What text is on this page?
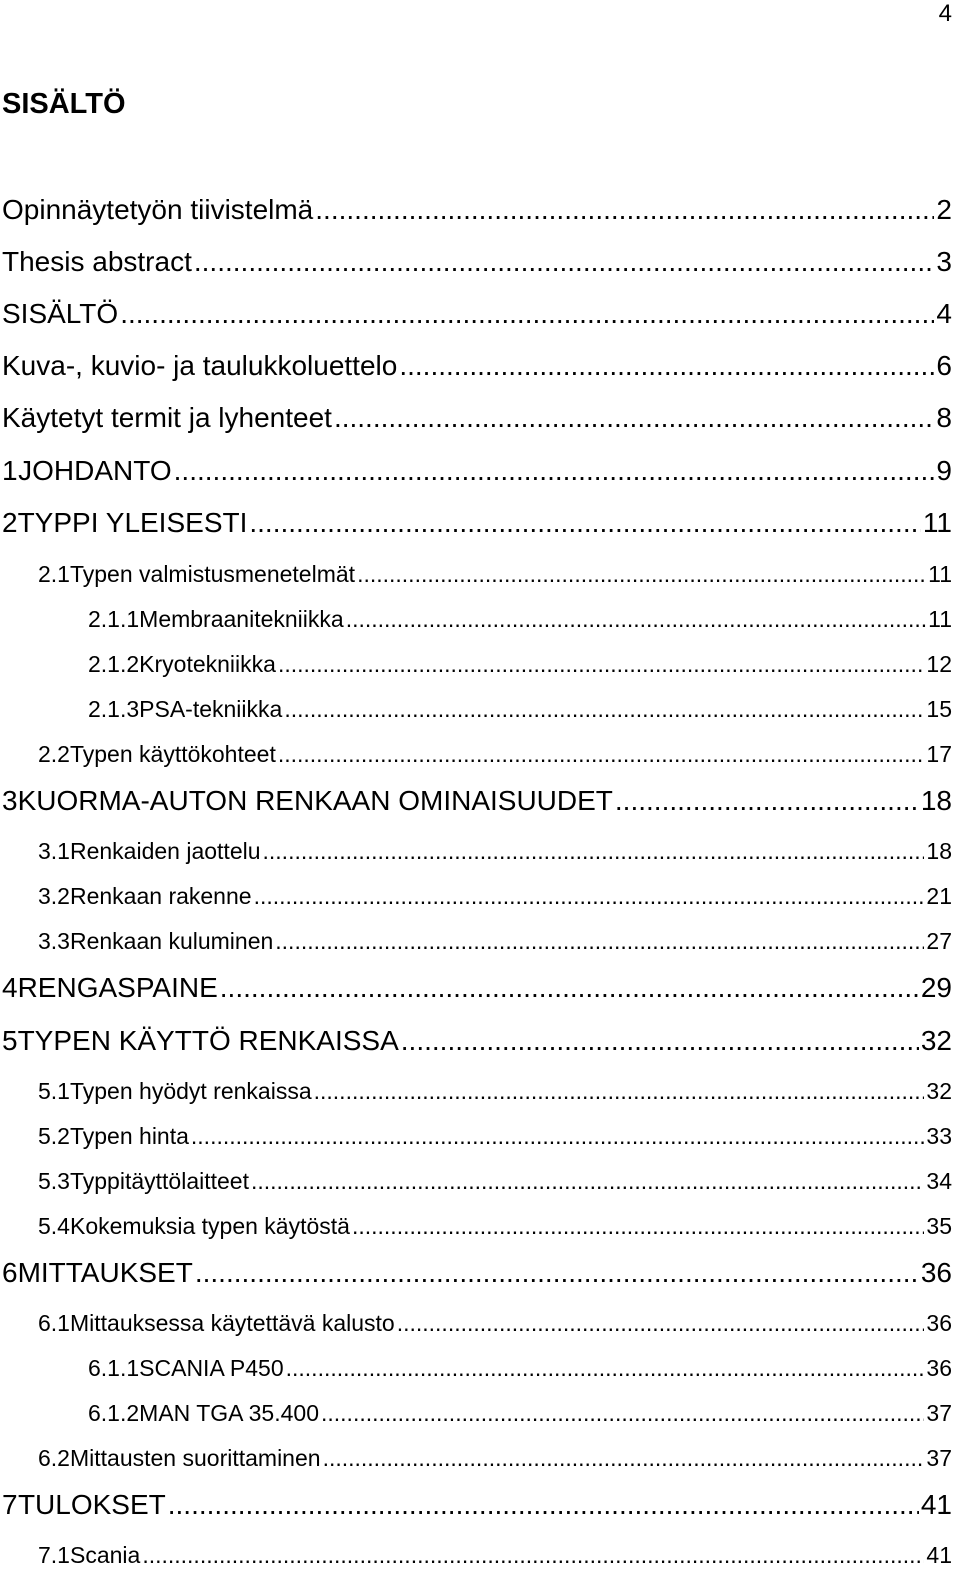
4
SISÄLTÖ
Opinnäytetyön tiivistelmä .....	2
Thesis abstract .....	3
SISÄLTÖ .....	4
Kuva-, kuvio- ja taulukkoluettelo .....	6
Käytetyt termit ja lyhenteet .....	8
1 JOHDANTO .....	9
2 TYPPI YLEISESTI .....	11
2.1 Typen valmistusmenetelmät .....	11
2.1.1 Membraanitekniikka .....	11
2.1.2 Kryotekniikka .....	12
2.1.3 PSA-tekniikka .....	15
2.2 Typen käyttökohteet .....	17
3 KUORMA-AUTON RENKAAN OMINAISUUDET .....	18
3.1 Renkaiden jaottelu .....	18
3.2 Renkaan rakenne .....	21
3.3 Renkaan kuluminen .....	27
4 RENGASPAINE .....	29
5 TYPEN KÄYTTÖ RENKAISSA .....	32
5.1 Typen hyödyt renkaissa .....	32
5.2 Typen hinta .....	33
5.3 Typpitäyttölaitteet .....	34
5.4 Kokemuksia typen käytöstä .....	35
6 MITTAUKSET .....	36
6.1 Mittauksessa käytettävä kalusto .....	36
6.1.1 SCANIA P450 .....	36
6.1.2 MAN TGA 35.400 .....	37
6.2 Mittausten suorittaminen .....	37
7 TULOKSET .....	41
7.1 Scania .....	41
